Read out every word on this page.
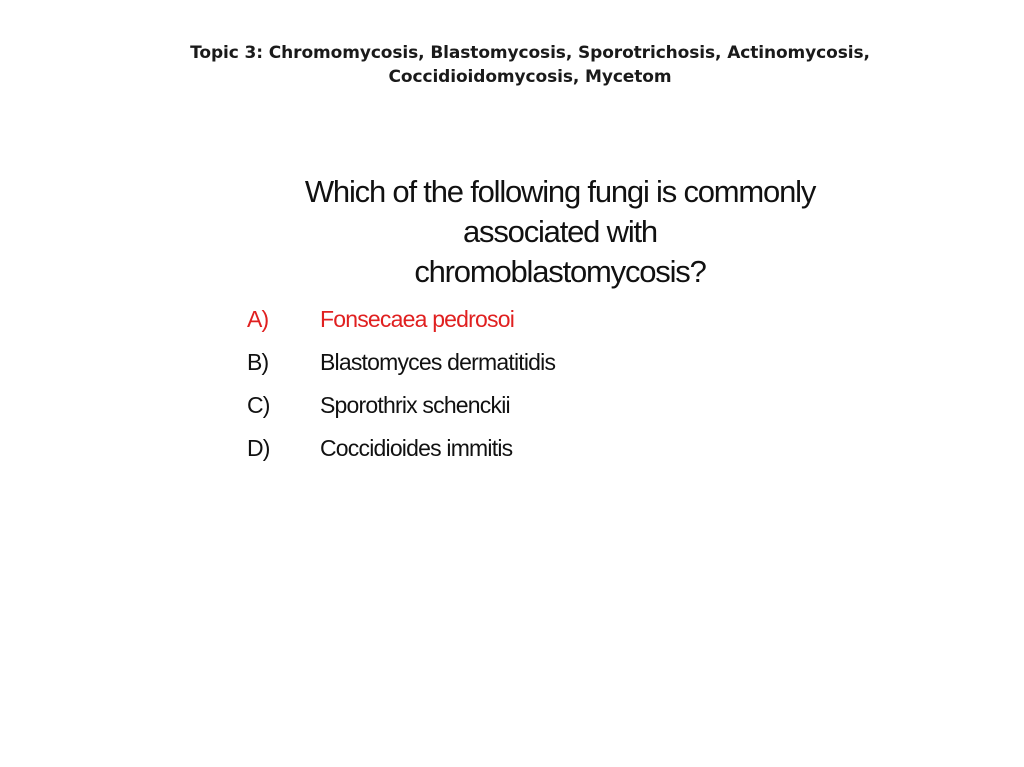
Topic 3: Chromomycosis, Blastomycosis, Sporotrichosis, Actinomycosis,
Coccidioidomycosis, Mycetom
Which of the following fungi is commonly
associated with
chromoblastomycosis?
A) Fonsecaea pedrosoi
B) Blastomyces dermatitidis
C) Sporothrix schenckii
D) Coccidioides immitis
